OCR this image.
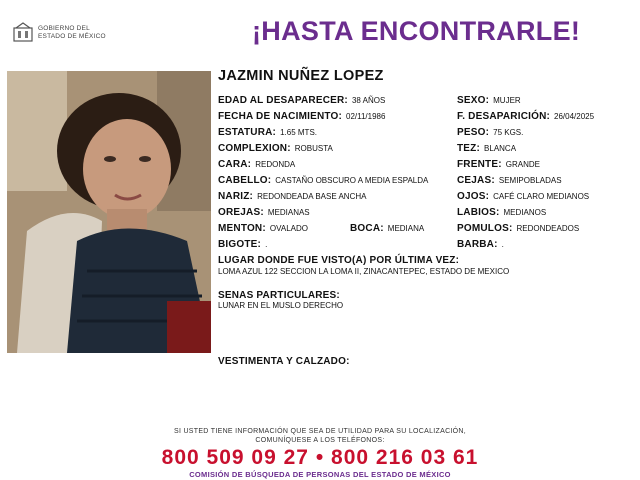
GOBIERNO DEL
ESTADO DE MÉXICO	¡HASTA ENCONTRARLE!
JAZMIN NUÑEZ LOPEZ
EDAD AL DESAPARECER: 38 AÑOS
FECHA DE NACIMIENTO: 02/11/1986
ESTATURA: 1.65 MTS.
COMPLEXION: ROBUSTA
CARA: REDONDA
CABELLO: CASTAÑO OBSCURO A MEDIA ESPALDA
NARIZ: REDONDEADA BASE ANCHA
OREJAS: MEDIANAS
MENTON: OVALADO	BOCA: MEDIANA
BIGOTE: .
SEXO: MUJER
F. DESAPARICIÓN: 26/04/2025
PESO: 75 KGS.
TEZ: BLANCA
FRENTE: GRANDE
CEJAS: SEMIPOBLADAS
OJOS: CAFÉ CLARO MEDIANOS
LABIOS: MEDIANOS
POMULOS: REDONDEADOS
BARBA: .
LUGAR DONDE FUE VISTO(A) POR ÚLTIMA VEZ:
LOMA AZUL 122 SECCION LA LOMA II, ZINACANTEPEC, ESTADO DE MEXICO
SENAS PARTICULARES:
LUNAR EN EL MUSLO DERECHO
VESTIMENTA Y CALZADO:
SI USTED TIENE INFORMACIÓN QUE SEA DE UTILIDAD PARA SU LOCALIZACIÓN,
COMUNÍQUESE A LOS TELÉFONOS:
800 509 09 27 • 800 216 03 61
COMISIÓN DE BÚSQUEDA DE PERSONAS DEL ESTADO DE MÉXICO
